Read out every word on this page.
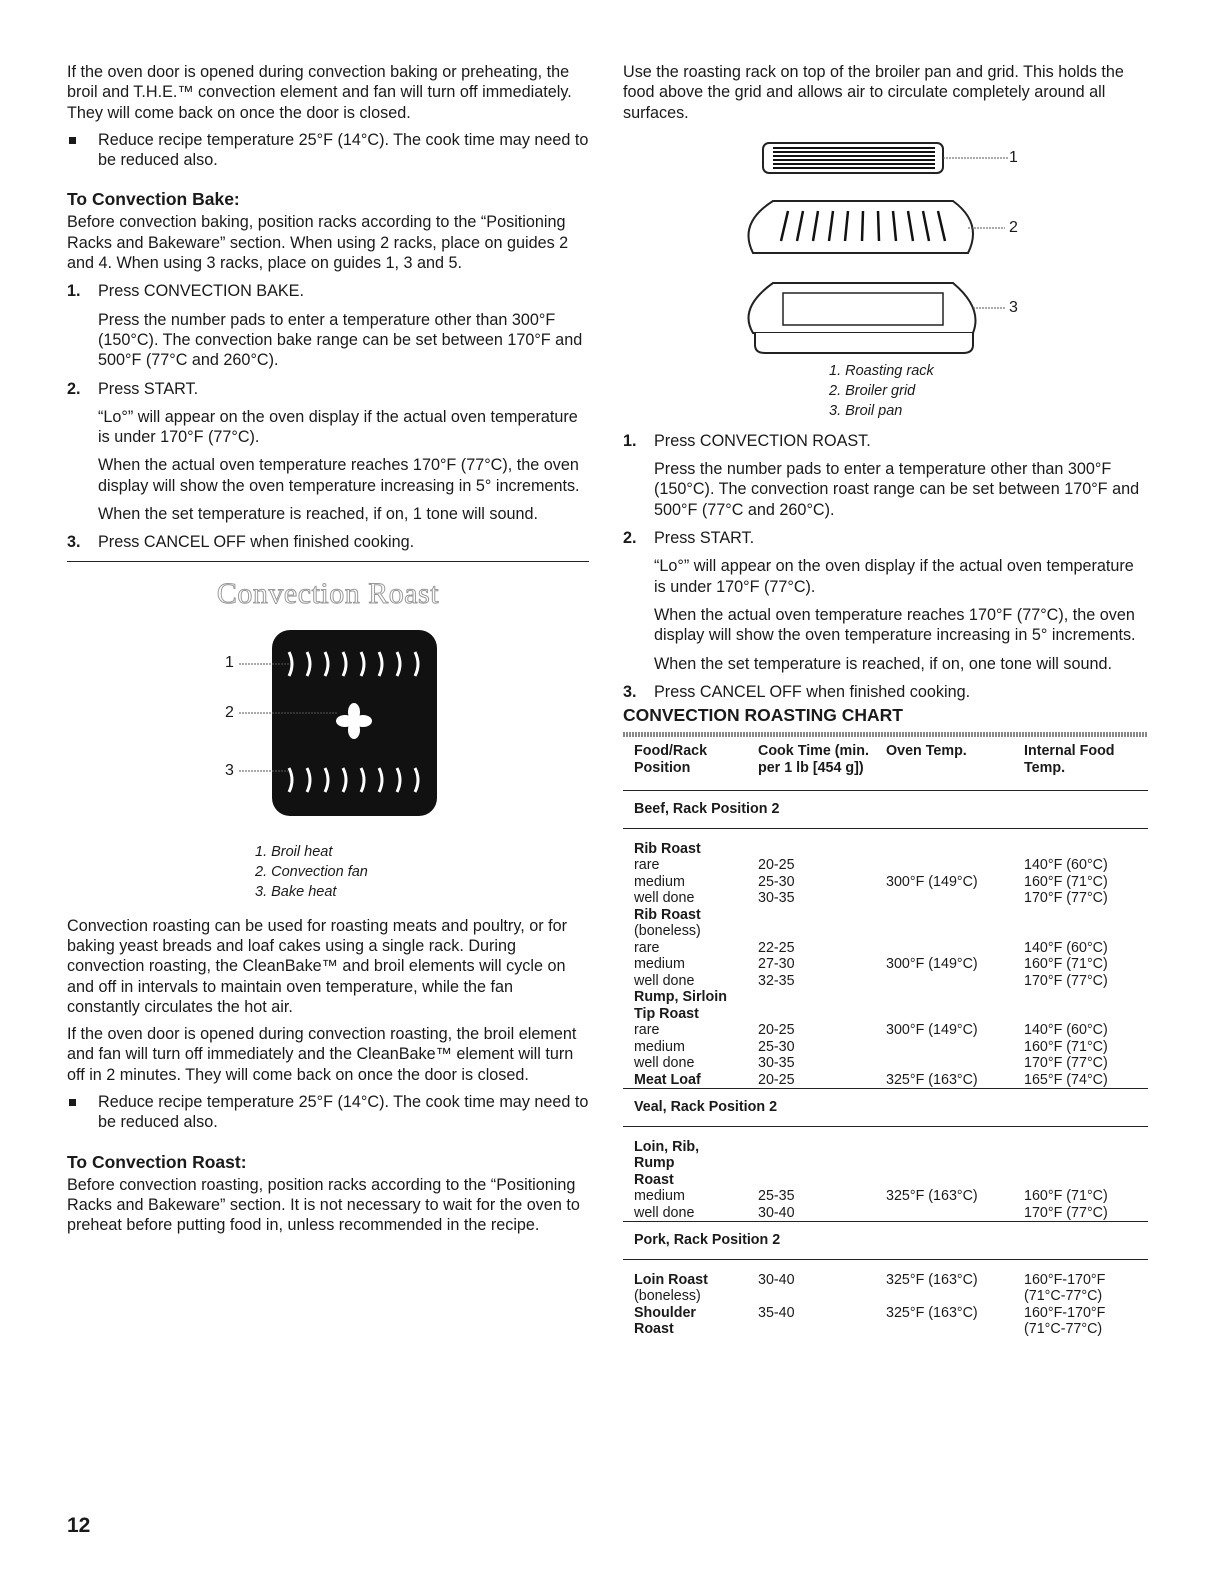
If the oven door is opened during convection baking or preheating, the broil and T.H.E.™ convection element and fan will turn off immediately. They will come back on once the door is closed.

Reduce recipe temperature 25°F (14°C). The cook time may need to be reduced also.
To Convection Bake:

Before convection baking, position racks according to the “Positioning Racks and Bakeware” section. When using 2 racks, place on guides 2 and 4. When using 3 racks, place on guides 1, 3 and 5.

1. Press CONVECTION BAKE.

Press the number pads to enter a temperature other than 300°F (150°C). The convection bake range can be set between 170°F and 500°F (77°C and 260°C).

2. Press START.

“Lo°” will appear on the oven display if the actual oven temperature is under 170°F (77°C).

When the actual oven temperature reaches 170°F (77°C), the oven display will show the oven temperature increasing in 5° increments.

When the set temperature is reached, if on, 1 tone will sound.

3. Press CANCEL OFF when finished cooking.

Convection Roast
1
2
3
1. Broil heat
2. Convection fan
3. Bake heat

Convection roasting can be used for roasting meats and poultry, or for baking yeast breads and loaf cakes using a single rack. During convection roasting, the CleanBake™ and broil elements will cycle on and off in intervals to maintain oven temperature, while the fan constantly circulates the hot air.

If the oven door is opened during convection roasting, the broil element and fan will turn off immediately and the CleanBake™ element will turn off in 2 minutes. They will come back on once the door is closed.

Reduce recipe temperature 25°F (14°C). The cook time may need to be reduced also.
To Convection Roast:

Before convection roasting, position racks according to the “Positioning Racks and Bakeware” section. It is not necessary to wait for the oven to preheat before putting food in, unless recommended in the recipe.

Use the roasting rack on top of the broiler pan and grid. This holds the food above the grid and allows air to circulate completely around all surfaces.

1
2
3
1. Roasting rack
2. Broiler grid
3. Broil pan
1. Press CONVECTION ROAST.

Press the number pads to enter a temperature other than 300°F (150°C). The convection roast range can be set between 170°F and 500°F (77°C and 260°C).

2. Press START.

“Lo°” will appear on the oven display if the actual oven temperature is under 170°F (77°C).

When the actual oven temperature reaches 170°F (77°C), the oven display will show the oven temperature increasing in 5° increments.

When the set temperature is reached, if on, one tone will sound.

3. Press CANCEL OFF when finished cooking.

CONVECTION ROASTING CHART
Food/Rack Position	Cook Time (min. per 1 lb [454 g])	Oven Temp.	Internal Food Temp.
Beef, Rack Position 2			

Rib Roast			
rare	20-25		140°F (60°C)
medium	25-30	300°F (149°C)	160°F (71°C)
well done	30-35		170°F (77°C)
Rib Roast			
(boneless)			
rare	22-25		140°F (60°C)
medium	27-30	300°F (149°C)	160°F (71°C)
well done	32-35		170°F (77°C)
Rump, Sirloin			
Tip Roast			
rare	20-25	300°F (149°C)	140°F (60°C)
medium	25-30		160°F (71°C)
well done	30-35		170°F (77°C)
Meat Loaf	20-25	325°F (163°C)	165°F (74°C)
Veal, Rack Position 2			

Loin, Rib,			
Rump			
Roast			
medium	25-35	325°F (163°C)	160°F (71°C)
well done	30-40		170°F (77°C)
Pork, Rack Position 2			

Loin Roast	30-40	325°F (163°C)	160°F-170°F
(boneless)			(71°C-77°C)
Shoulder	35-40	325°F (163°C)	160°F-170°F
Roast			(71°C-77°C)

12
